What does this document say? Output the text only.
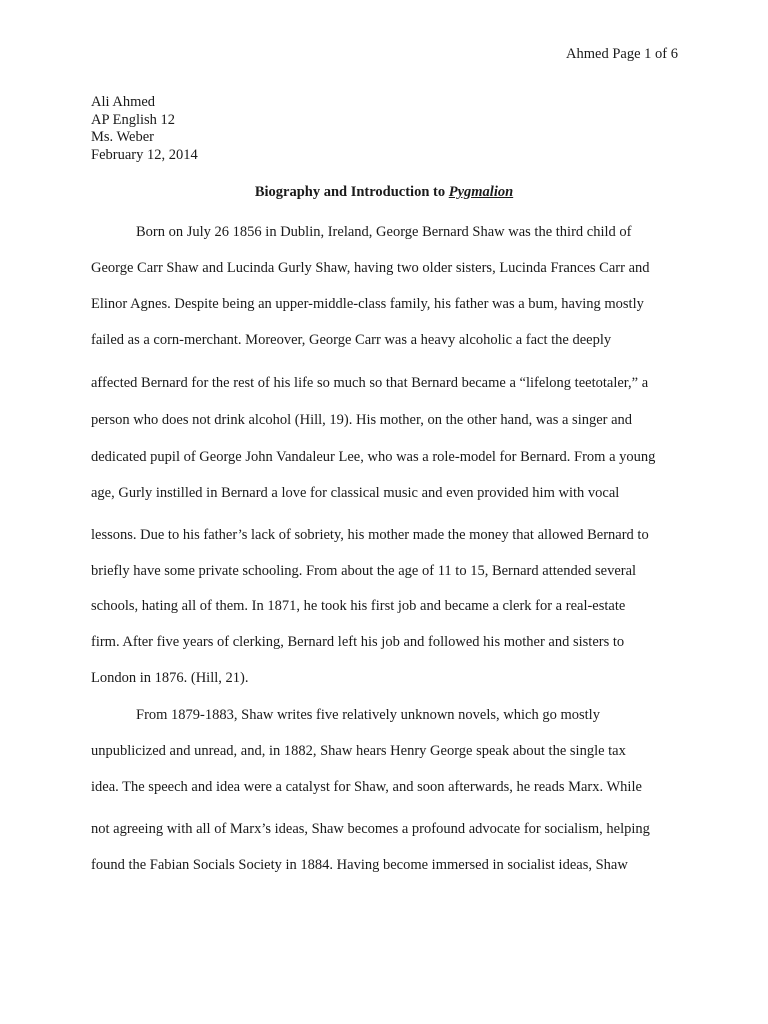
Ahmed Page 1 of 6
Ali Ahmed
AP English 12
Ms. Weber
February 12, 2014
Biography and Introduction to Pygmalion
Born on July 26 1856 in Dublin, Ireland, George Bernard Shaw was the third child of
George Carr Shaw and Lucinda Gurly Shaw, having two older sisters, Lucinda Frances Carr and
Elinor Agnes. Despite being an upper-middle-class family, his father was a bum, having mostly
failed as a corn-merchant. Moreover, George Carr was a heavy alcoholic a fact the deeply
affected Bernard for the rest of his life so much so that Bernard became a “lifelong teetotaler,” a
person who does not drink alcohol (Hill, 19). His mother, on the other hand, was a singer and
dedicated pupil of George John Vandaleur Lee, who was a role-model for Bernard. From a young
age, Gurly instilled in Bernard a love for classical music and even provided him with vocal
lessons. Due to his father’s lack of sobriety, his mother made the money that allowed Bernard to
briefly have some private schooling. From about the age of 11 to 15, Bernard attended several
schools, hating all of them. In 1871, he took his first job and became a clerk for a real-estate
firm. After five years of clerking, Bernard left his job and followed his mother and sisters to
London in 1876. (Hill, 21).
From 1879-1883, Shaw writes five relatively unknown novels, which go mostly
unpublicized and unread, and, in 1882, Shaw hears Henry George speak about the single tax
idea. The speech and idea were a catalyst for Shaw, and soon afterwards, he reads Marx. While
not agreeing with all of Marx’s ideas, Shaw becomes a profound advocate for socialism, helping
found the Fabian Socials Society in 1884. Having become immersed in socialist ideas, Shaw
